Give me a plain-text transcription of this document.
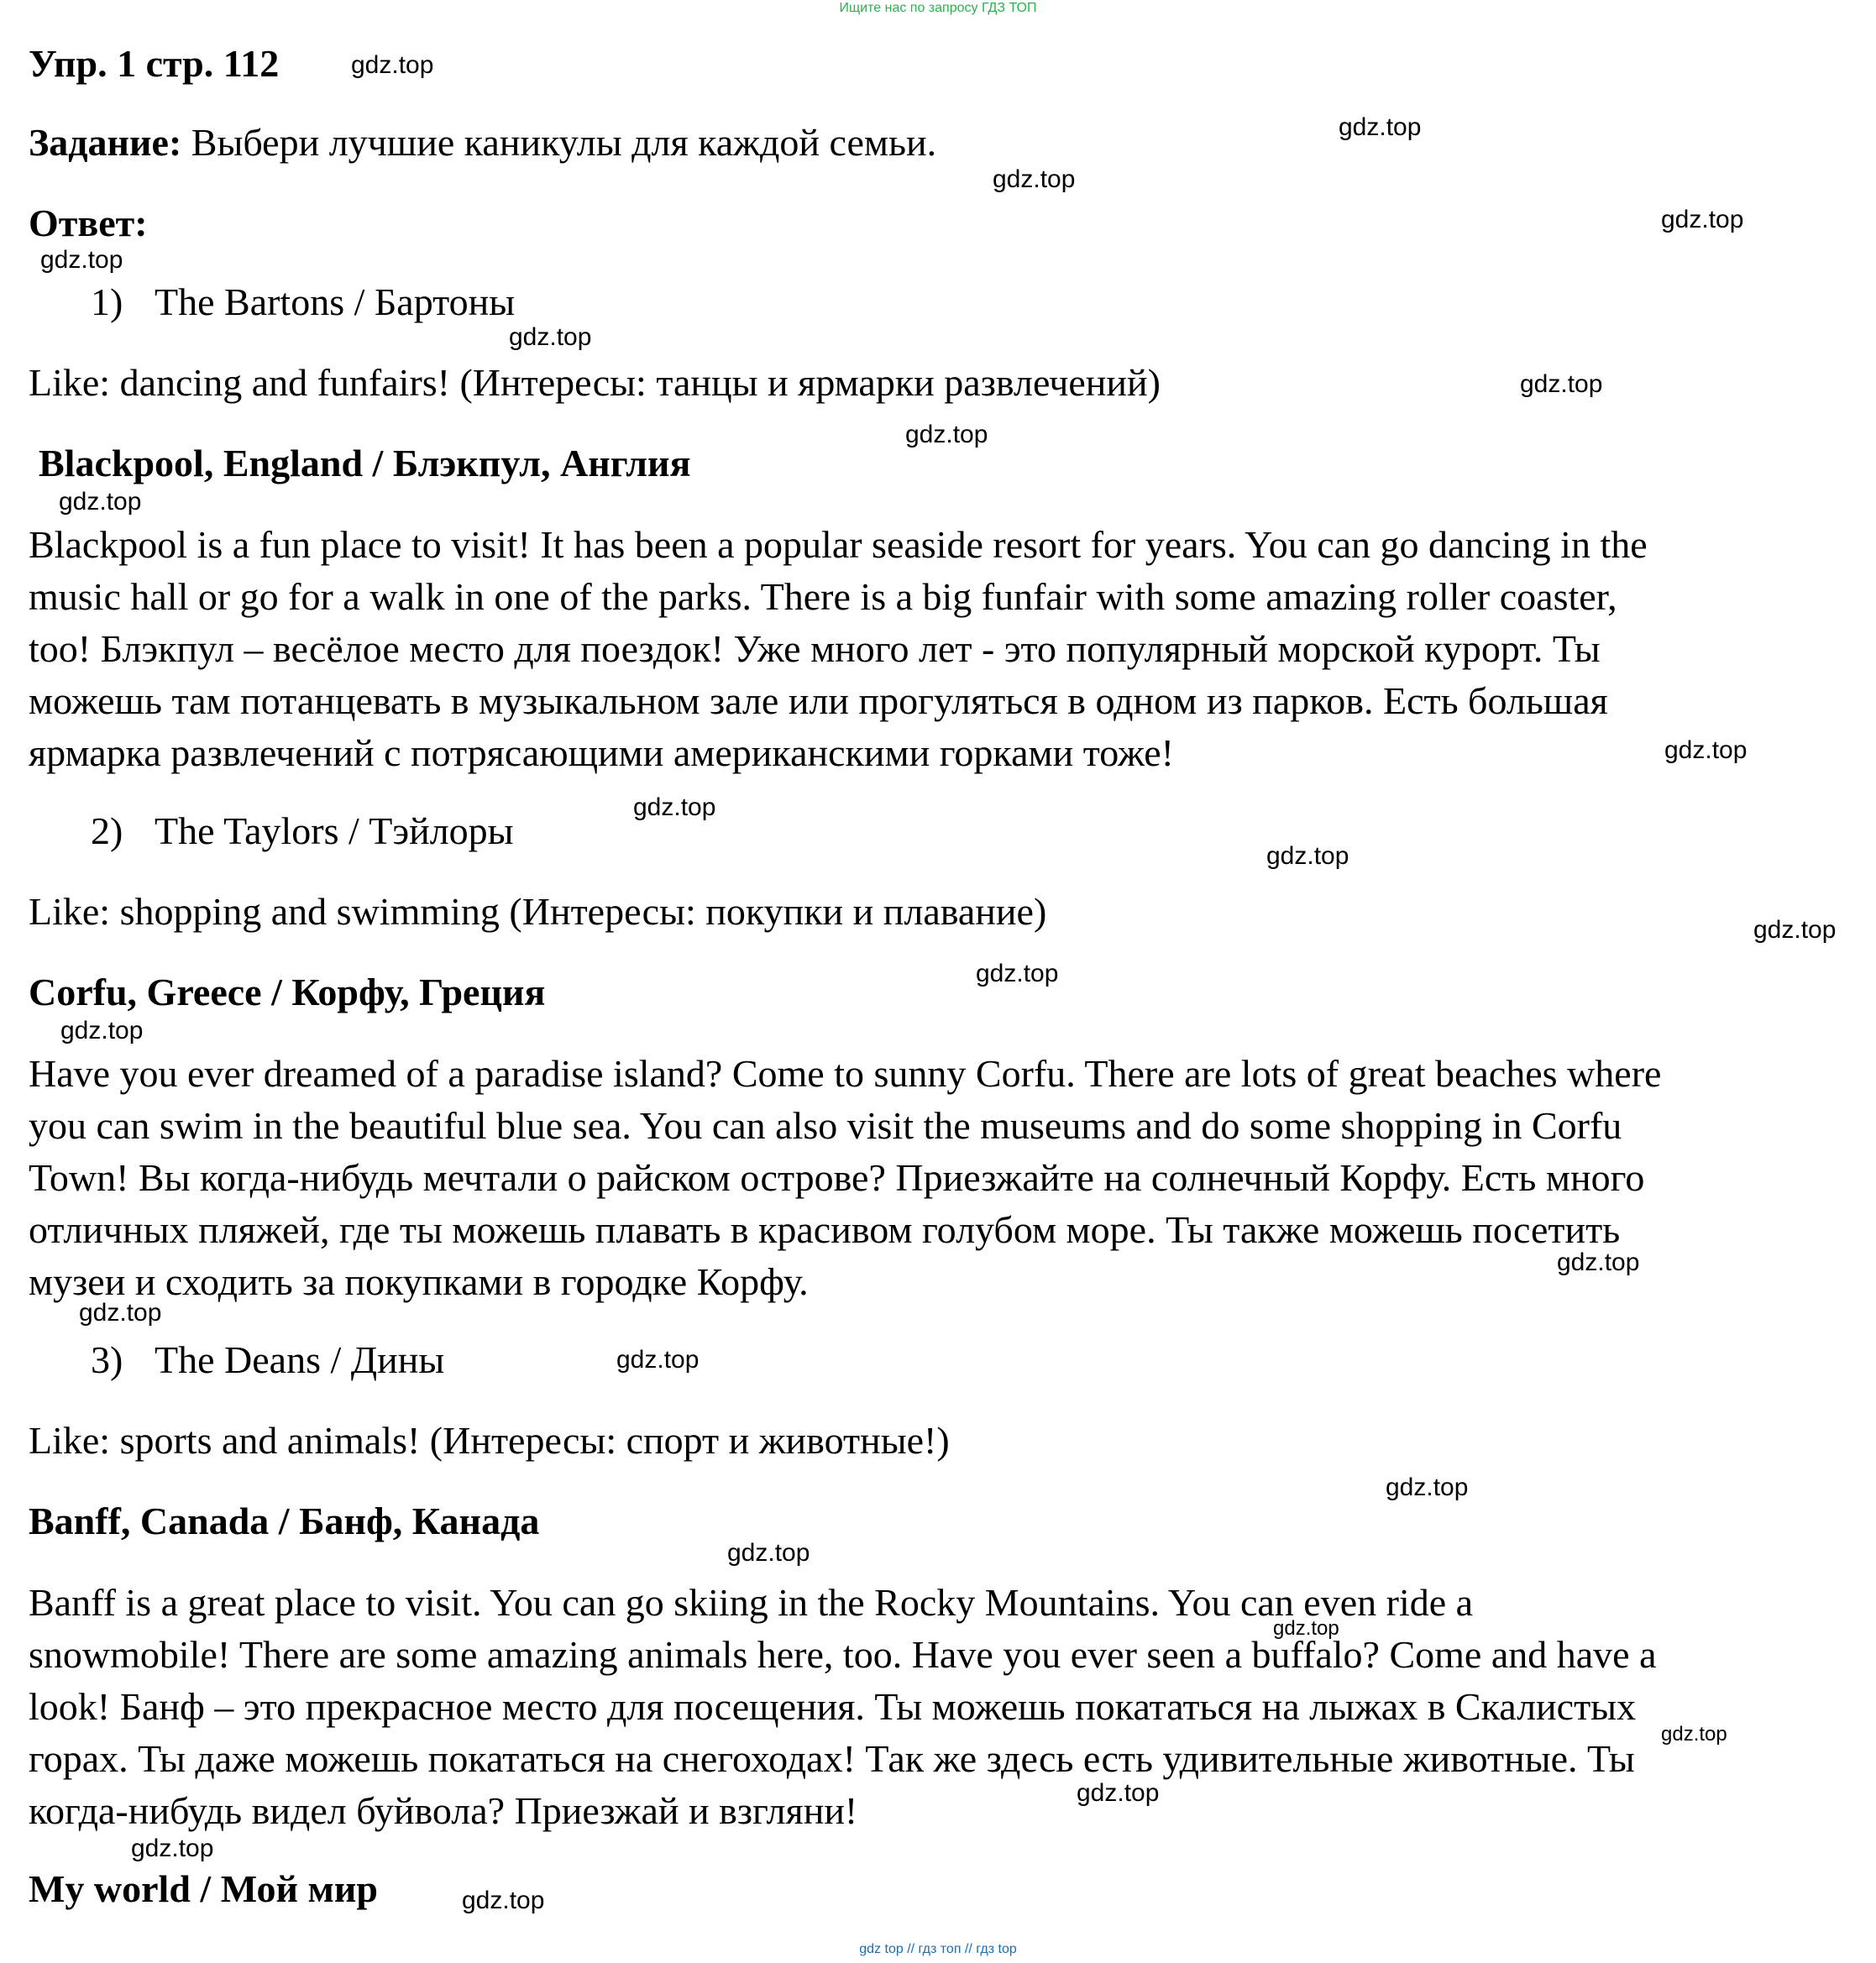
Ищите нас по запросу ГДЗ ТОП
Упр. 1 стр. 112
Задание: Выбери лучшие каникулы для каждой семьи.
Ответ:
1) The Bartons / Бартоны
Like: dancing and funfairs! (Интересы: танцы и ярмарки развлечений)
Blackpool, England / Блэкпул, Англия
Blackpool is a fun place to visit! It has been a popular seaside resort for years. You can go dancing in the
music hall or go for a walk in one of the parks. There is a big funfair with some amazing roller coaster,
too! Блэкпул – весёлое место для поездок! Уже много лет - это популярный морской курорт. Ты
можешь там потанцевать в музыкальном зале или прогуляться в одном из парков. Есть большая
ярмарка развлечений с потрясающими американскими горками тоже!
2) The Taylors / Тэйлоры
Like: shopping and swimming (Интересы: покупки и плавание)
Corfu, Greece / Корфу, Греция
Have you ever dreamed of a paradise island? Come to sunny Corfu. There are lots of great beaches where
you can swim in the beautiful blue sea. You can also visit the museums and do some shopping in Corfu
Town! Вы когда-нибудь мечтали о райском острове? Приезжайте на солнечный Корфу. Есть много
отличных пляжей, где ты можешь плавать в красивом голубом море. Ты также можешь посетить
музеи и сходить за покупками в городке Корфу.
3) The Deans / Дины
Like: sports and animals! (Интересы: спорт и животные!)
Banff, Canada / Банф, Канада
Banff is a great place to visit. You can go skiing in the Rocky Mountains. You can even ride a
snowmobile! There are some amazing animals here, too. Have you ever seen a buffalo? Come and have a
look! Банф – это прекрасное место для посещения. Ты можешь покататься на лыжах в Скалистых
горах. Ты даже можешь покататься на снегоходах! Так же здесь есть удивительные животные. Ты
когда-нибудь видел буйвола? Приезжай и взгляни!
My world / Мой мир
gdz.top
gdz.top
gdz.top
gdz.top
gdz.top
gdz.top
gdz.top
gdz.top
gdz.top
gdz.top
gdz.top
gdz.top
gdz.top
gdz.top
gdz.top
gdz.top
gdz.top
gdz.top
gdz.top
gdz.top
gdz.top
gdz.top
gdz.top
gdz.top
gdz.top
gdz top // гдз топ // гдз top
